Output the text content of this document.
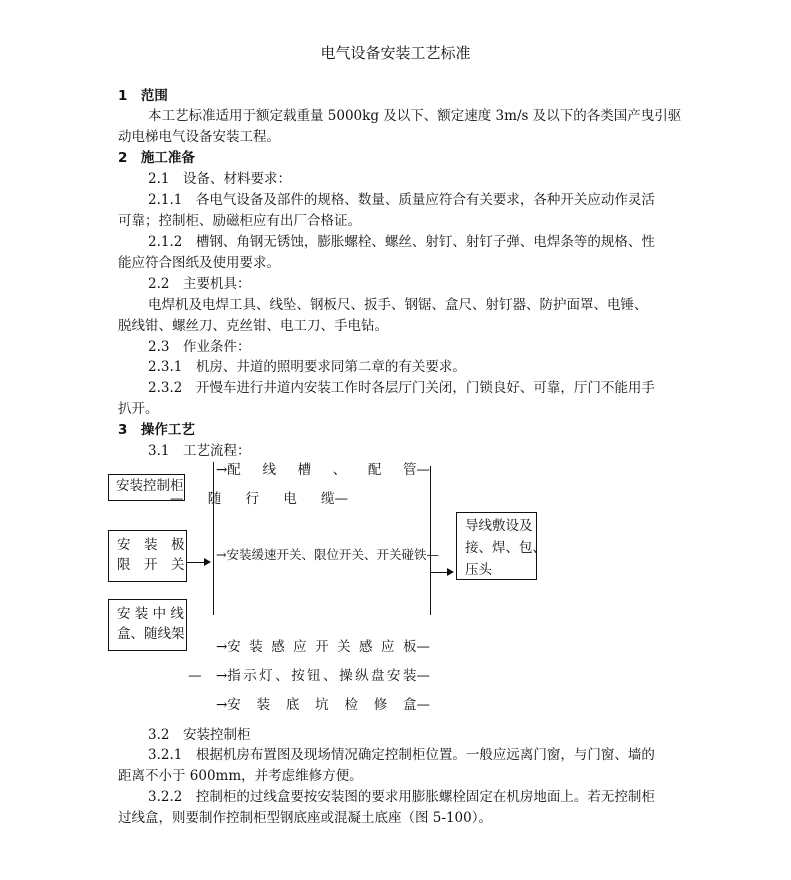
电气设备安装工艺标准
1　 范围
本工艺标准适用于额定载重量 5000kg 及以下、额定速度 3m/s 及以下的各类国产曳引驱
动电梯电气设备安装工程。
2　 施工准备
2.1　设备、材料要求：
2.1.1　各电气设备及部件的规格、数量、质量应符合有关要求，各种开关应动作灵活
可靠；控制柜、励磁柜应有出厂合格证。
2.1.2　槽钢、角钢无锈蚀，膨胀螺栓、螺丝、射钉、射钉子弹、电焊条等的规格、性
能应符合图纸及使用要求。
2.2　主要机具：
电焊机及电焊工具、线坠、钢板尺、扳手、钢锯、盒尺、射钉器、防护面罩、电锤、
脱线钳、螺丝刀、克丝钳、电工刀、手电钻。
2.3　作业条件：
2.3.1　机房、井道的照明要求同第二章的有关要求。
2.3.2　开慢车进行井道内安装工作时各层厅门关闭，门锁良好、可靠，厅门不能用手
扒开。
3　 操作工艺
3.1　工艺流程：
安装控制柜
安　装　极
限　开　关
安 装 中 线
盒、随线架
→配 线 槽 、 配 管—
— 随 行 电 缆—
→安装缓速开关、限位开关、开关碰铁—
→安 装 感 应 开 关 感 应 板—
— →指 示 灯 、 按 钮 、 操 纵 盘 安 装—
→安 装 底 坑 检 修 盒—
导线敷设及
接、焊、包、
压头
3.2　安装控制柜
3.2.1　根据机房布置图及现场情况确定控制柜位置。一般应远离门窗，与门窗、墙的
距离不小于 600mm，并考虑维修方便。
3.2.2　控制柜的过线盒要按安装图的要求用膨胀螺栓固定在机房地面上。若无控制柜
过线盒，则要制作控制柜型钢底座或混凝土底座（图 5-100）。
